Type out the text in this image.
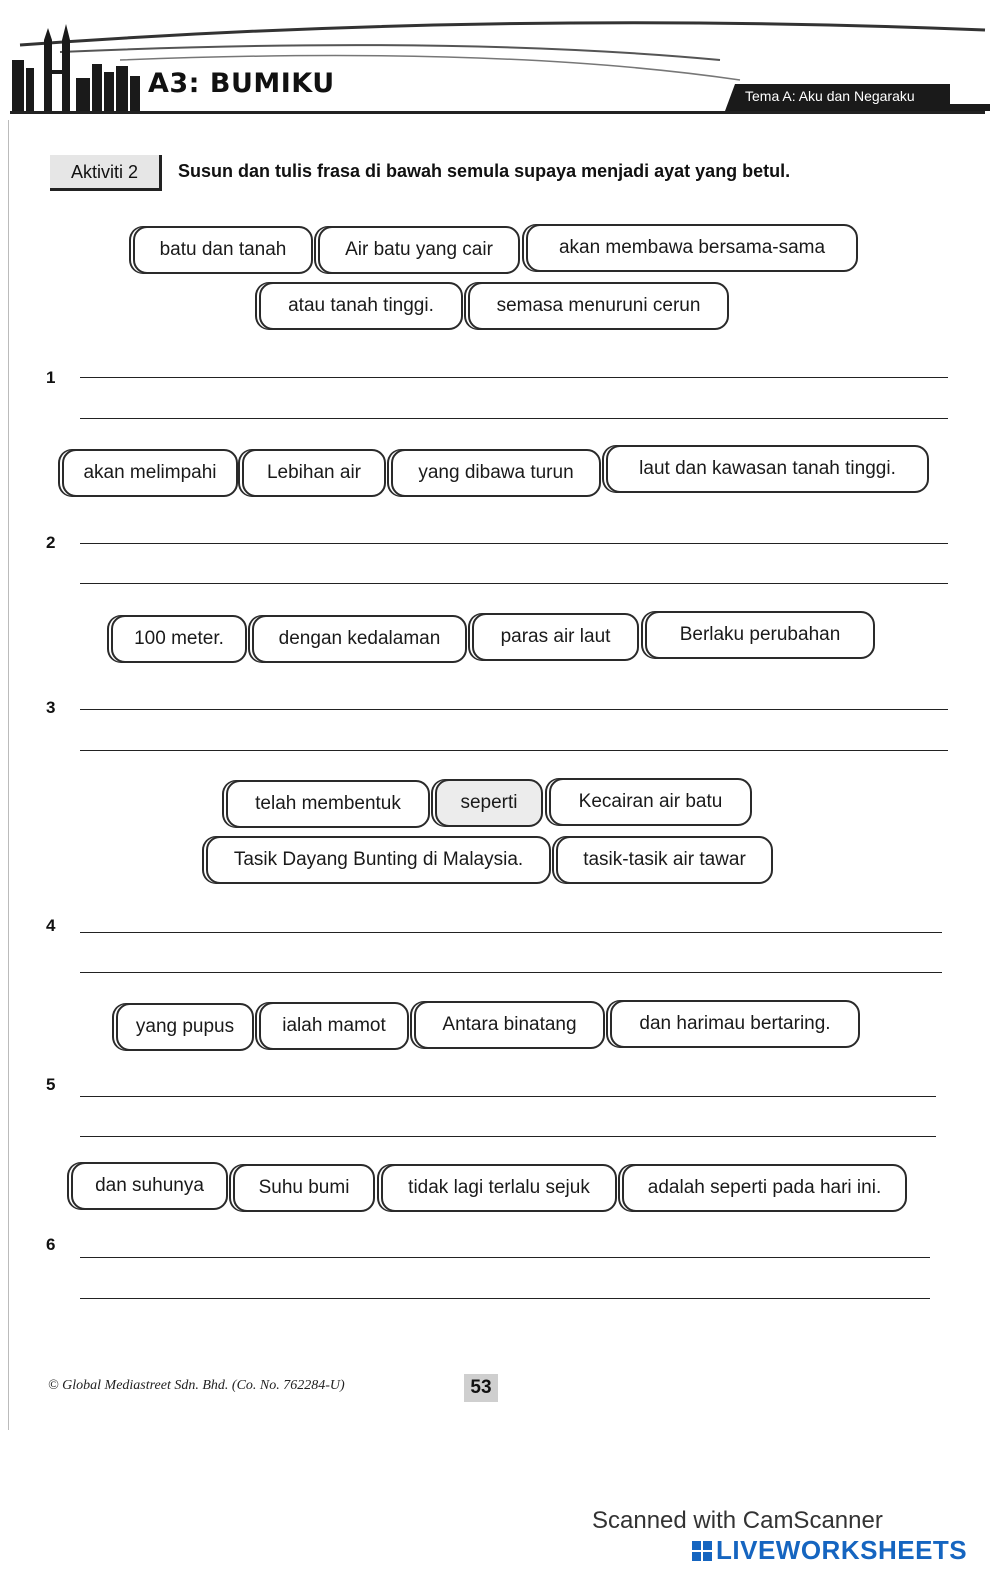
A3: BUMIKU	Tema A: Aku dan Negaraku
Aktiviti 2	Susun dan tulis frasa di bawah semula supaya menjadi ayat yang betul.
batu dan tanah	Air batu yang cair	akan membawa bersama-sama
atau tanah tinggi.	semasa menuruni cerun
1
akan melimpahi	Lebihan air	yang dibawa turun	laut dan kawasan tanah tinggi.
2
100 meter.	dengan kedalaman	paras air laut	Berlaku perubahan
3
telah membentuk	seperti	Kecairan air batu
Tasik Dayang Bunting di Malaysia.	tasik-tasik air tawar
4
yang pupus	ialah mamot	Antara binatang	dan harimau bertaring.
5
dan suhunya	Suhu bumi	tidak lagi terlalu sejuk	adalah seperti pada hari ini.
6
© Global Mediastreet Sdn. Bhd. (Co. No. 762284-U)	53
Scanned with CamScanner
LIVEWORKSHEETS
